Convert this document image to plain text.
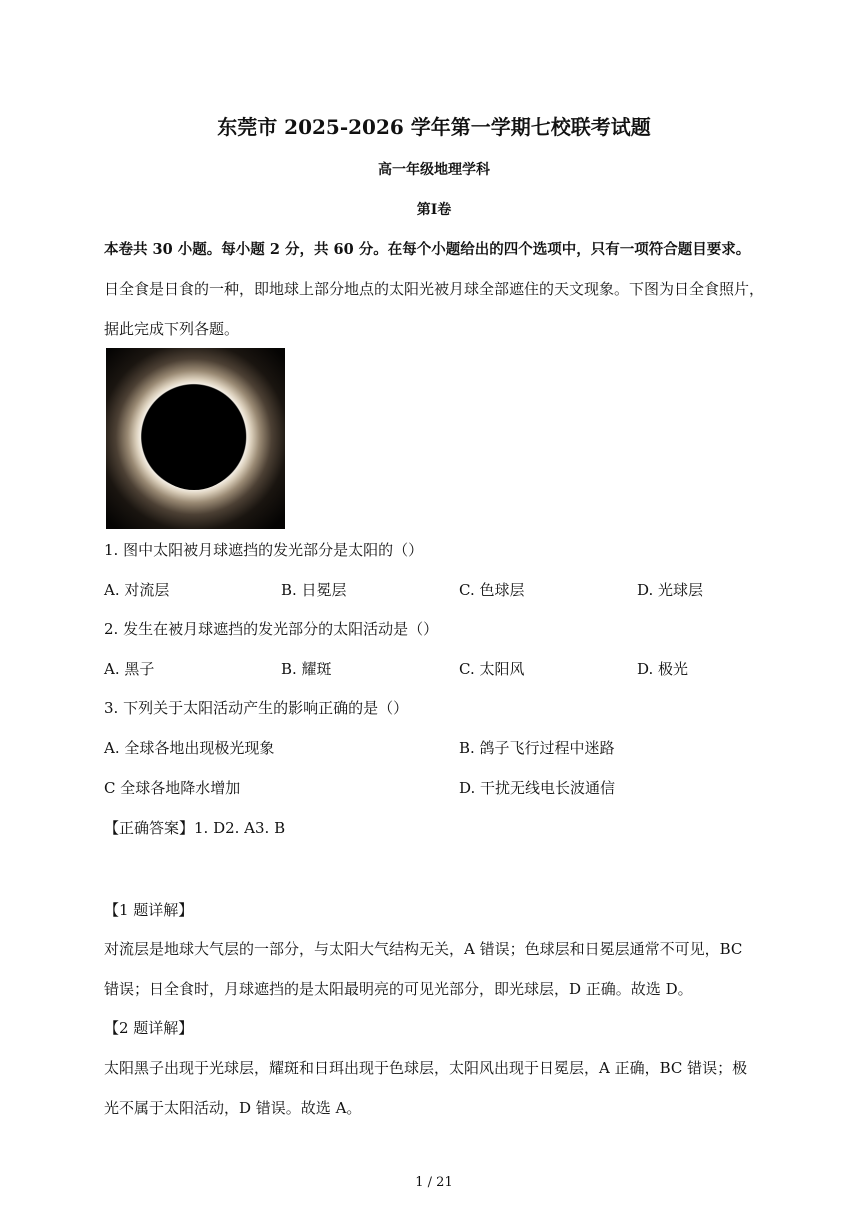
东莞市 2025-2026 学年第一学期七校联考试题
高一年级地理学科
第I卷
本卷共 30 小题。每小题 2 分，共 60 分。在每个小题给出的四个选项中，只有一项符合题目要求。
日全食是日食的一种，即地球上部分地点的太阳光被月球全部遮住的天文现象。下图为日全食照片，
据此完成下列各题。
1. 图中太阳被月球遮挡的发光部分是太阳的（）
A. 对流层	B. 日冕层	C. 色球层	D. 光球层
2. 发生在被月球遮挡的发光部分的太阳活动是（）
A. 黑子	B. 耀斑	C. 太阳风	D. 极光
3. 下列关于太阳活动产生的影响正确的是（）
A. 全球各地出现极光现象	B. 鸽子飞行过程中迷路
C 全球各地降水增加	D. 干扰无线电长波通信
【正确答案】1. D2. A3. B
【1 题详解】
对流层是地球大气层的一部分，与太阳大气结构无关，A 错误；色球层和日冕层通常不可见，BC
错误；日全食时，月球遮挡的是太阳最明亮的可见光部分，即光球层，D 正确。故选 D。
【2 题详解】
太阳黑子出现于光球层，耀斑和日珥出现于色球层，太阳风出现于日冕层，A 正确，BC 错误；极
光不属于太阳活动，D 错误。故选 A。
1 / 21
